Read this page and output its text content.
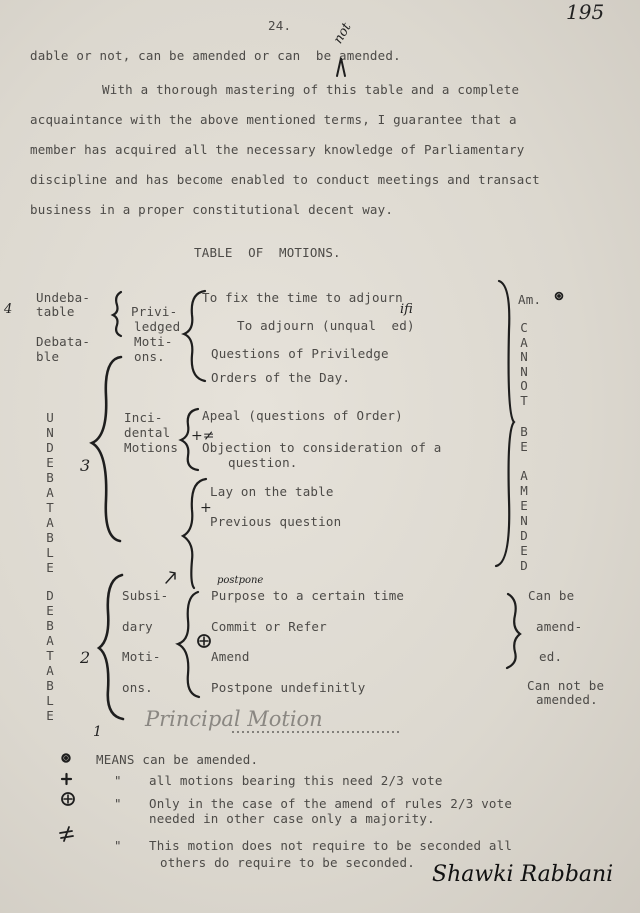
195
24.
dable or not, can be amended or can  be amended.
not
With a thorough mastering of this table and a complete
acquaintance with the above mentioned terms, I guarantee that a
member has acquired all the necessary knowledge of Parliamentary
discipline and has become enabled to conduct meetings and transact
business in a proper constitutional decent way.
TABLE  OF  MOTIONS.
4
Undeba-
table
Debata-
ble
Privi-
ledged
Moti-
ons.
To fix the time to adjourn
To adjourn (unqual  ed)
ifi
Questions of Priviledge
Orders of the Day.
UNDEBATABLE
3
Inci-
dental
Motions
Apeal (questions of Order)
+≠
Objection to consideration of a
question.
Lay on the table
+
Previous question
Am.
CANNOT
BE
AMENDED
DEBATABLE
2
Subsi-
dary
Moti-
ons.
postpone
Purpose to a certain time
Commit or Refer
Amend
Postpone undefinitly
Can be
amend-
ed.
Can not be
amended.
Principal Motion
1
MEANS can be amended.
" all motions bearing this need 2/3 vote
" Only in the case of the amend of rules 2/3 vote
needed in other case only a majority.
" This motion does not require to be seconded all
others do require to be seconded. Shawki Rabbani
